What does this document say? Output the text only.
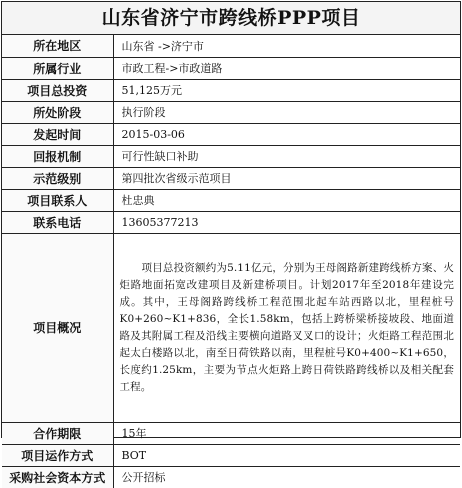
山东省济宁市跨线桥PPP项目
所在地区	山东省 ->济宁市
所属行业	市政工程->市政道路
项目总投资	51,125万元
所处阶段	执行阶段
发起时间	2015-03-06
回报机制	可行性缺口补助
示范级别	第四批次省级示范项目
项目联系人	杜忠典
联系电话	13605377213
项目概况	项目总投资额约为5.11亿元，分别为王母阁路新建跨线桥方案、火炬路地面拓宽改建项目及新建桥项目。计划2017年至2018年建设完成。其中，王母阁路跨线桥工程范围北起车站西路以北，里程桩号K0+260~K1+836，全长1.58km，包括上跨桥梁桥接坡段、地面道路及其附属工程及沿线主要横向道路叉叉口的设计；火炬路工程范围北起太白楼路以北，南至日荷铁路以南，里程桩号K0+400~K1+650，长度约1.25km，主要为节点火炬路上跨日荷铁路跨线桥以及相关配套工程。
合作期限	15年
项目运作方式	BOT
采购社会资本方式	公开招标
